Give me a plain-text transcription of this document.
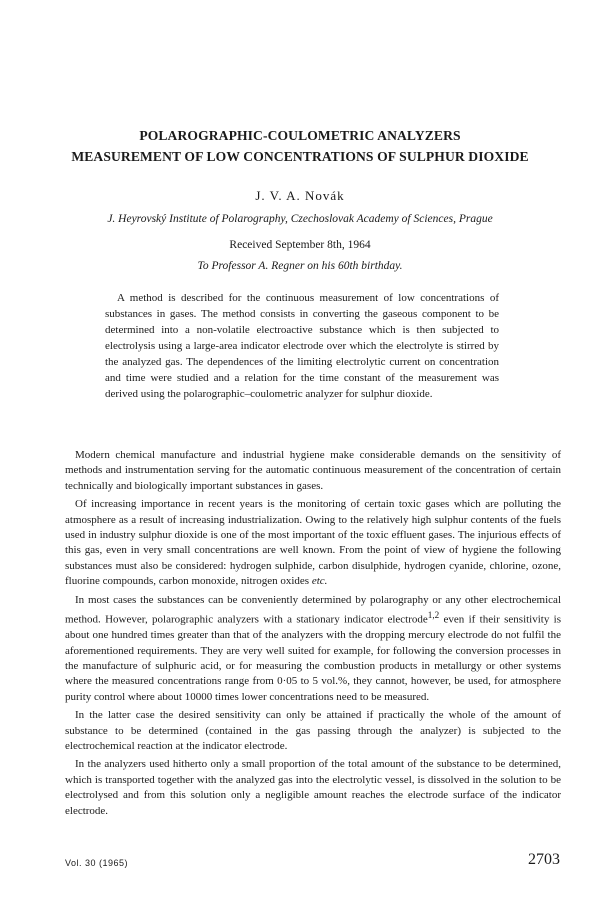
POLAROGRAPHIC-COULOMETRIC ANALYZERS
MEASUREMENT OF LOW CONCENTRATIONS OF SULPHUR DIOXIDE
J. V. A. Novák
J. Heyrovský Institute of Polarography, Czechoslovak Academy of Sciences, Prague
Received September 8th, 1964
To Professor A. Regner on his 60th birthday.

A method is described for the continuous measurement of low concentrations of substances in gases. The method consists in converting the gaseous component to be determined into a non-volatile electroactive substance which is then subjected to electrolysis using a large-area indicator electrode over which the electrolyte is stirred by the analyzed gas. The dependences of the limiting electrolytic current on concentration and time were studied and a relation for the time constant of the measurement was derived using the polarographic–coulometric analyzer for sulphur dioxide.

Modern chemical manufacture and industrial hygiene make considerable demands on the sensitivity of methods and instrumentation serving for the automatic continuous measurement of the concentration of certain technically and biologically important substances in gases.

Of increasing importance in recent years is the monitoring of certain toxic gases which are polluting the atmosphere as a result of increasing industrialization. Owing to the relatively high sulphur contents of the fuels used in industry sulphur dioxide is one of the most important of the toxic effluent gases. The injurious effects of this gas, even in very small concentrations are well known. From the point of view of hygiene the following substances must also be considered: hydrogen sulphide, carbon disulphide, hydrogen cyanide, chlorine, ozone, fluorine compounds, carbon monoxide, nitrogen oxides etc.

In most cases the substances can be conveniently determined by polarography or any other electrochemical method. However, polarographic analyzers with a stationary indicator electrode$^{1,2}$ even if their sensitivity is about one hundred times greater than that of the analyzers with the dropping mercury electrode do not fulfil the aforementioned requirements. They are very well suited for example, for following the conversion processes in the manufacture of sulphuric acid, or for measuring the combustion products in metallurgy or other systems where the measured concentrations range from 0·05 to 5 vol.%, they cannot, however, be used, for atmosphere purity control where about 10000 times lower concentrations need to be measured.

In the latter case the desired sensitivity can only be attained if practically the whole of the amount of substance to be determined (contained in the gas passing through the analyzer) is subjected to the electrochemical reaction at the indicator electrode.

In the analyzers used hitherto only a small proportion of the total amount of the substance to be determined, which is transported together with the analyzed gas into the electrolytic vessel, is dissolved in the solution to be electrolysed and from this solution only a negligible amount reaches the electrode surface of the indicator electrode.

Vol. 30 (1965)	2703
